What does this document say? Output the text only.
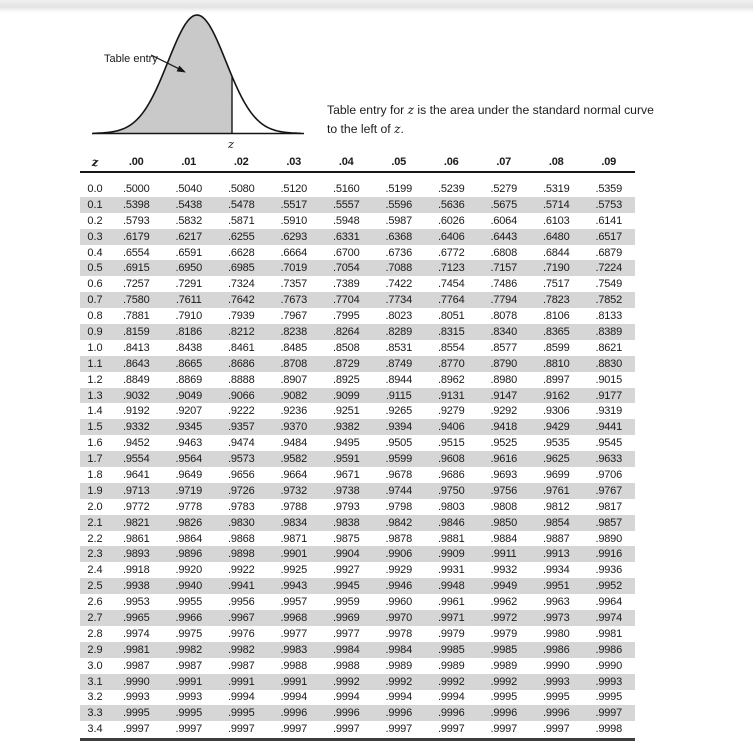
Table entry
z
Table entry for z is the area under the standard normal curve to the left of z.
z	.00	.01	.02	.03	.04	.05	.06	.07	.08	.09
0.0	.5000	.5040	.5080	.5120	.5160	.5199	.5239	.5279	.5319	.5359
0.1	.5398	.5438	.5478	.5517	.5557	.5596	.5636	.5675	.5714	.5753
0.2	.5793	.5832	.5871	.5910	.5948	.5987	.6026	.6064	.6103	.6141
0.3	.6179	.6217	.6255	.6293	.6331	.6368	.6406	.6443	.6480	.6517
0.4	.6554	.6591	.6628	.6664	.6700	.6736	.6772	.6808	.6844	.6879
0.5	.6915	.6950	.6985	.7019	.7054	.7088	.7123	.7157	.7190	.7224
0.6	.7257	.7291	.7324	.7357	.7389	.7422	.7454	.7486	.7517	.7549
0.7	.7580	.7611	.7642	.7673	.7704	.7734	.7764	.7794	.7823	.7852
0.8	.7881	.7910	.7939	.7967	.7995	.8023	.8051	.8078	.8106	.8133
0.9	.8159	.8186	.8212	.8238	.8264	.8289	.8315	.8340	.8365	.8389
1.0	.8413	.8438	.8461	.8485	.8508	.8531	.8554	.8577	.8599	.8621
1.1	.8643	.8665	.8686	.8708	.8729	.8749	.8770	.8790	.8810	.8830
1.2	.8849	.8869	.8888	.8907	.8925	.8944	.8962	.8980	.8997	.9015
1.3	.9032	.9049	.9066	.9082	.9099	.9115	.9131	.9147	.9162	.9177
1.4	.9192	.9207	.9222	.9236	.9251	.9265	.9279	.9292	.9306	.9319
1.5	.9332	.9345	.9357	.9370	.9382	.9394	.9406	.9418	.9429	.9441
1.6	.9452	.9463	.9474	.9484	.9495	.9505	.9515	.9525	.9535	.9545
1.7	.9554	.9564	.9573	.9582	.9591	.9599	.9608	.9616	.9625	.9633
1.8	.9641	.9649	.9656	.9664	.9671	.9678	.9686	.9693	.9699	.9706
1.9	.9713	.9719	.9726	.9732	.9738	.9744	.9750	.9756	.9761	.9767
2.0	.9772	.9778	.9783	.9788	.9793	.9798	.9803	.9808	.9812	.9817
2.1	.9821	.9826	.9830	.9834	.9838	.9842	.9846	.9850	.9854	.9857
2.2	.9861	.9864	.9868	.9871	.9875	.9878	.9881	.9884	.9887	.9890
2.3	.9893	.9896	.9898	.9901	.9904	.9906	.9909	.9911	.9913	.9916
2.4	.9918	.9920	.9922	.9925	.9927	.9929	.9931	.9932	.9934	.9936
2.5	.9938	.9940	.9941	.9943	.9945	.9946	.9948	.9949	.9951	.9952
2.6	.9953	.9955	.9956	.9957	.9959	.9960	.9961	.9962	.9963	.9964
2.7	.9965	.9966	.9967	.9968	.9969	.9970	.9971	.9972	.9973	.9974
2.8	.9974	.9975	.9976	.9977	.9977	.9978	.9979	.9979	.9980	.9981
2.9	.9981	.9982	.9982	.9983	.9984	.9984	.9985	.9985	.9986	.9986
3.0	.9987	.9987	.9987	.9988	.9988	.9989	.9989	.9989	.9990	.9990
3.1	.9990	.9991	.9991	.9991	.9992	.9992	.9992	.9992	.9993	.9993
3.2	.9993	.9993	.9994	.9994	.9994	.9994	.9994	.9995	.9995	.9995
3.3	.9995	.9995	.9995	.9996	.9996	.9996	.9996	.9996	.9996	.9997
3.4	.9997	.9997	.9997	.9997	.9997	.9997	.9997	.9997	.9997	.9998
